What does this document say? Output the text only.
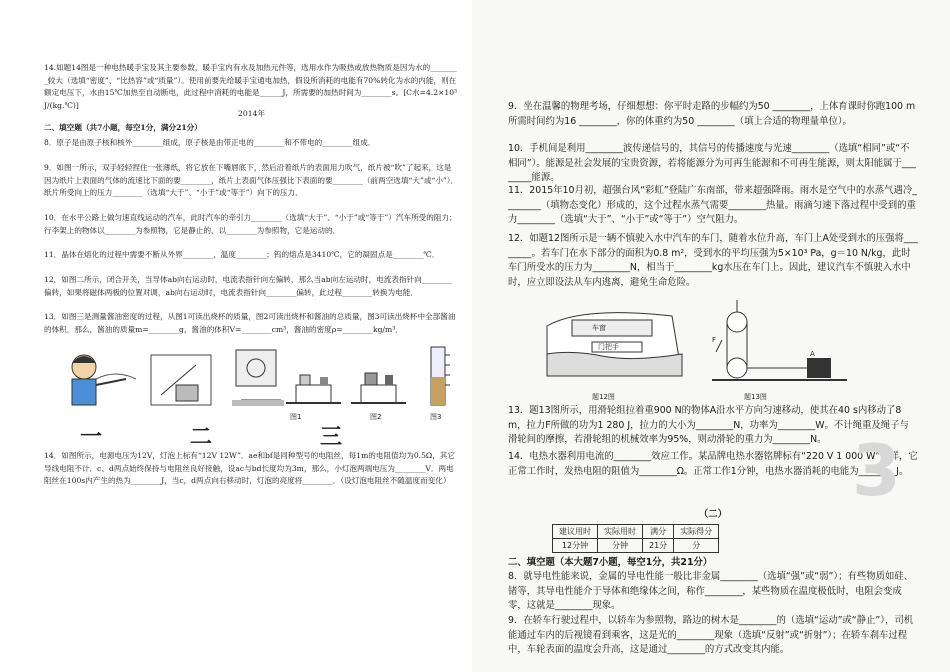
14.如题14图是一种电热暖手宝及其主要参数，暖手宝内有水及加热元件等，选用水作为吸热或放热物质是因为水的________较大（选填“密度”、“比热容”或“质量”）。使用前要先给暖手宝通电加热，假设所消耗的电能有70%转化为水的内能，则在额定电压下，水由15℃加热至自动断电，此过程中消耗的电能是______J，所需要的加热时间为________s。[C水=4.2×10³J/(kg.℃)]

2014年

二、填空题（共7小题，每空1分，满分21分）

8．原子是由原子核和核外________组成，原子核是由带正电的________和不带电的________组成．

9．如图一所示，双手轻轻捏住一张薄纸，将它放在下嘴唇底下，然后沿着纸片的表面用力吹气，纸片被“吹”了起来，这是因为纸片上表面的气体的流速比下面的要________，纸片上表面气体压强比下表面的要________（前两空选填“大”或“小”）．纸片所受向上的压力________（选填“大于”、“小于”或“等于”）向下的压力．

10．在水平公路上做匀速直线运动的汽车，此时汽车的牵引力________（选填“大于”、“小于”或“等于”）汽车所受的阻力；行李架上的物体以________为参照物，它是静止的，以________为参照物，它是运动的．

11．晶体在熔化的过程中需要不断从外界________，温度________；钨的熔点是3410℃，它的凝固点是________℃．

12．如图二所示，闭合开关，当导体ab向右运动时，电流表指针向左偏转，那么当ab向左运动时，电流表指针向________偏转，如果将磁体两极的位置对调，ab向右运动时，电流表指针向________偏转，此过程________转换为电能．

13．如图三是测量酱油密度的过程，从图1可读出烧杯的质量，图2可读出烧杯和酱油的总质量，图3可读出烧杯中全部酱油的体积．那么，酱油的质量m=________g，酱油的体积V=________cm³，酱油的密度ρ=________kg/m³．

一	二	三
图1	图2	图3

14．如图所示，电源电压为12V，灯泡上标有“12V 12W”．ae和bf是同种型号的电阻丝，每1m的电阻值均为0.5Ω，其它导线电阻不计．c、d两点始终保持与电阻丝良好接触，设ac与bd长度均为3m，那么，小灯泡两端电压为________V．两电阻丝在100s内产生的热为________J，当c，d两点向右移动时，灯泡的亮度将________．（设灯泡电阻丝不随温度而变化）

9．坐在温馨的物理考场，仔细想想：你平时走路的步幅约为50 ________，上体育课时你跑100 m所需时间约为16 ________，你的体重约为50 ________（填上合适的物理量单位）。

10．手机间是利用________波传递信号的，其信号的传播速度与光速________（选填“相同”或“不相同”）。能源是社会发展的宝贵资源，若将能源分为可再生能源和不可再生能源，则太阳能属于________能源。

11．2015年10月初，超强台风“彩虹”登陆广东南部，带来超强降雨。雨水是空气中的水蒸气遇冷________（填物态变化）形成的，这个过程水蒸气需要________热量。雨滴匀速下落过程中受到的重力________（选填“大于”、“小于”或“等于”）空气阻力。

12．如题12图所示是一辆不慎驶入水中汽车的车门，随着水位升高，车门上A处受到水的压强将________。若车门在水下部分的面积为0.8 m²，受到水的平均压强为5×10³ Pa，g＝10 N/kg，此时车门所受水的压力为________N，相当于________kg水压在车门上。因此，建议汽车不慎驶入水中时，应立即设法从车内逃离，避免生命危险。

车窗
门把手
题12图
F
A
题13图

13．题13图所示，用滑轮组拉着重900 N的物体A沿水平方向匀速移动，使其在40 s内移动了8 m，拉力F所做的功为1 280 J，拉力的大小为________N，功率为________W。不计绳重及绳子与滑轮间的摩擦，若滑轮组的机械效率为95%，则动滑轮的重力为________N。

14．电热水器利用电流的________效应工作。某品牌电热水器铭牌标有“220 V 1 000 W”字样，它正常工作时，发热电阻的阻值为________Ω。正常工作1分钟，电热水器消耗的电能为________J。

3

（二）

建议用时	实际用时	满分	实际得分
12分钟	分钟	21分	分

二、填空题（本大题7小题，每空1分，共21分）

8．就导电性能来说，金属的导电性能一般比非金属________（选填“强”或“弱”）；有些物质如硅、锗等，其导电性能介于导体和绝缘体之间，称作________，某些物质在温度极低时，电阻会变成零，这就是________现象。

9．在轿车行驶过程中，以轿车为参照物，路边的树木是________的（选填“运动”或“静止”），司机能通过车内的后视镜看到乘客，这是光的________现象（选填“反射”或“折射”）；在轿车刹车过程中，车轮表面的温度会升高，这是通过________的方式改变其内能。
